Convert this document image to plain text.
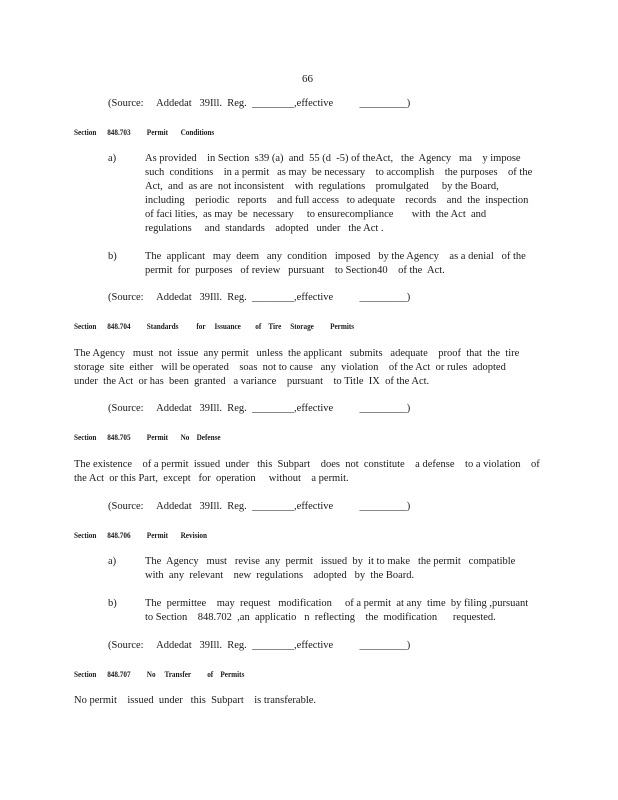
66
(Source:     Addedat   39Ill.  Reg.  ________,effective          _________)
Section      848.703         Permit       Conditions
a)	As provided    in Section  s39 (a)  and  55 (d  -5) of theAct,   the  Agency   ma    y impose
such  conditions    in a permit   as may  be necessary    to accomplish    the purposes    of the
Act,  and  as are  not inconsistent    with  regulations    promulgated     by the Board,
including    periodic   reports    and full access   to adequate    records    and  the  inspection
of faci lities,  as may  be  necessary     to ensurecompliance       with  the Act  and
regulations     and  standards    adopted   under   the Act .
b)	The  applicant   may  deem   any  condition   imposed   by the Agency    as a denial   of the
permit  for  purposes   of review   pursuant    to Section40    of the  Act.
(Source:     Addedat   39Ill.  Reg.  ________,effective          _________)
Section      848.704         Standards          for     Issuance        of    Tire     Storage         Permits
The Agency   must  not  issue  any permit   unless  the applicant   submits   adequate    proof  that  the  tire
storage  site  either   will be operated    soas  not to cause   any  violation    of the Act  or rules  adopted
under  the Act  or has  been  granted   a variance    pursuant    to Title  IX  of the Act.
(Source:     Addedat   39Ill.  Reg.  ________,effective          _________)
Section      848.705         Permit       No    Defense
The existence    of a permit  issued  under   this  Subpart    does  not  constitute    a defense    to a violation    of
the Act  or this Part,  except   for  operation     without    a permit.
(Source:     Addedat   39Ill.  Reg.  ________,effective          _________)
Section      848.706         Permit       Revision
a)	The  Agency   must   revise  any  permit   issued  by  it to make   the permit   compatible
with  any  relevant    new  regulations    adopted   by  the Board.
b)	The  permittee    may  request   modification     of a permit  at any  time  by filing ,pursuant
to Section    848.702  ,an  applicatio   n  reflecting    the  modification      requested.
(Source:     Addedat   39Ill.  Reg.  ________,effective          _________)
Section      848.707         No     Transfer         of    Permits
No permit    issued  under   this  Subpart    is transferable.
